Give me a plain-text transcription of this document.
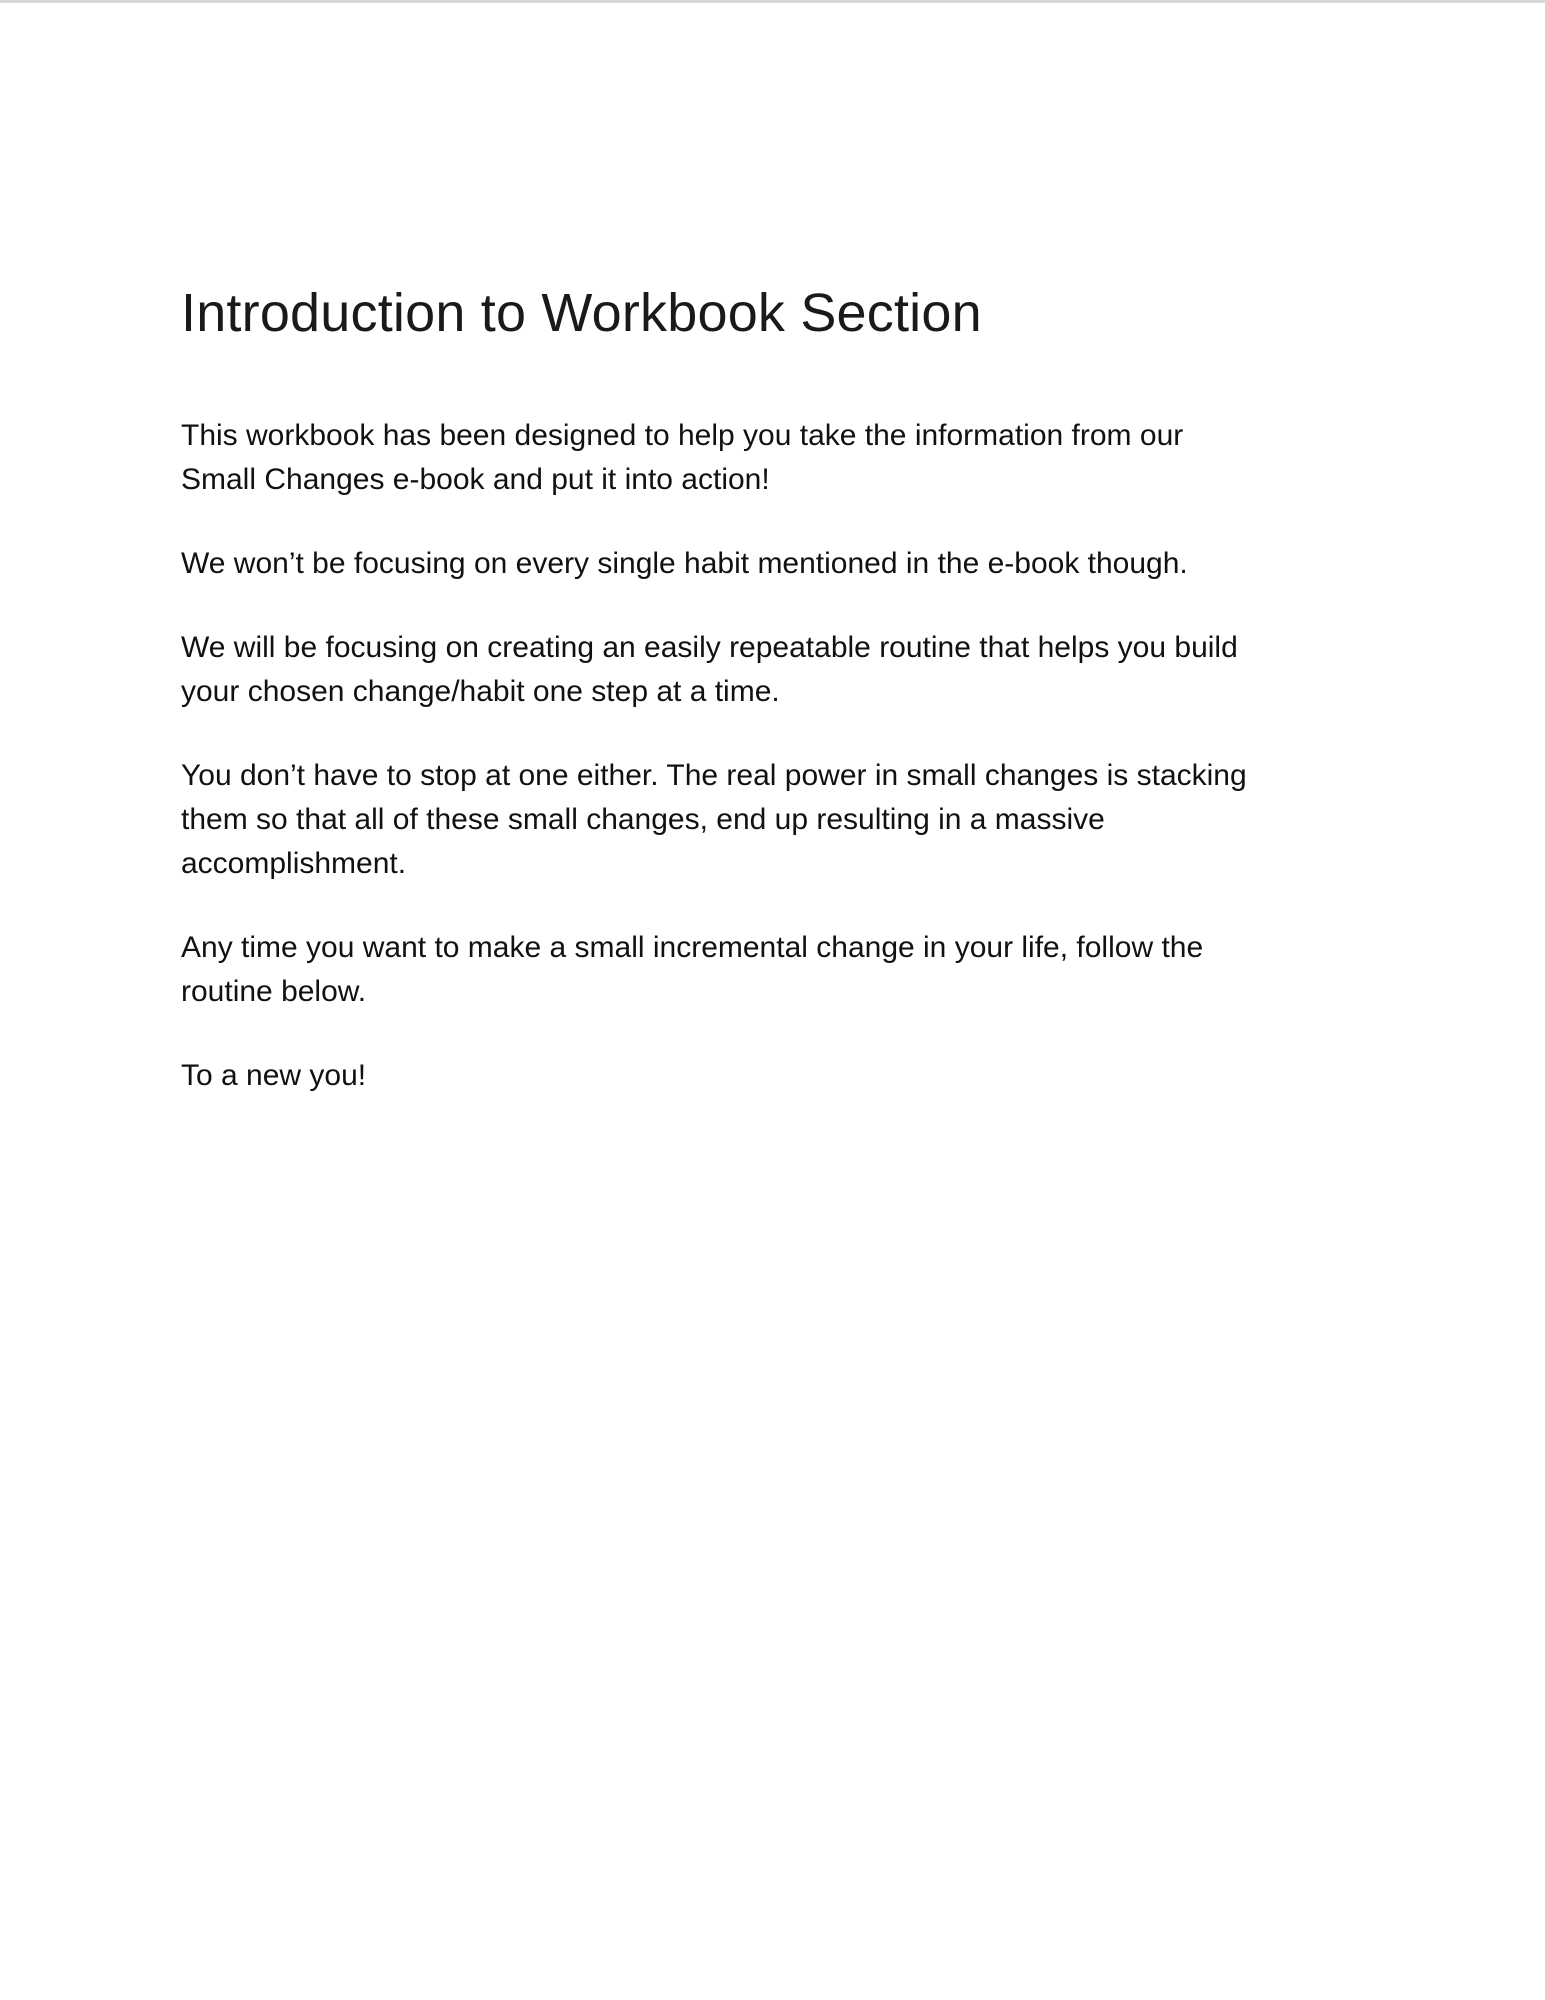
Introduction to Workbook Section

This workbook has been designed to help you take the information from our
Small Changes e-book and put it into action!

We won’t be focusing on every single habit mentioned in the e-book though.

We will be focusing on creating an easily repeatable routine that helps you build
your chosen change/habit one step at a time.

You don’t have to stop at one either. The real power in small changes is stacking
them so that all of these small changes, end up resulting in a massive
accomplishment.

Any time you want to make a small incremental change in your life, follow the
routine below.

To a new you!
